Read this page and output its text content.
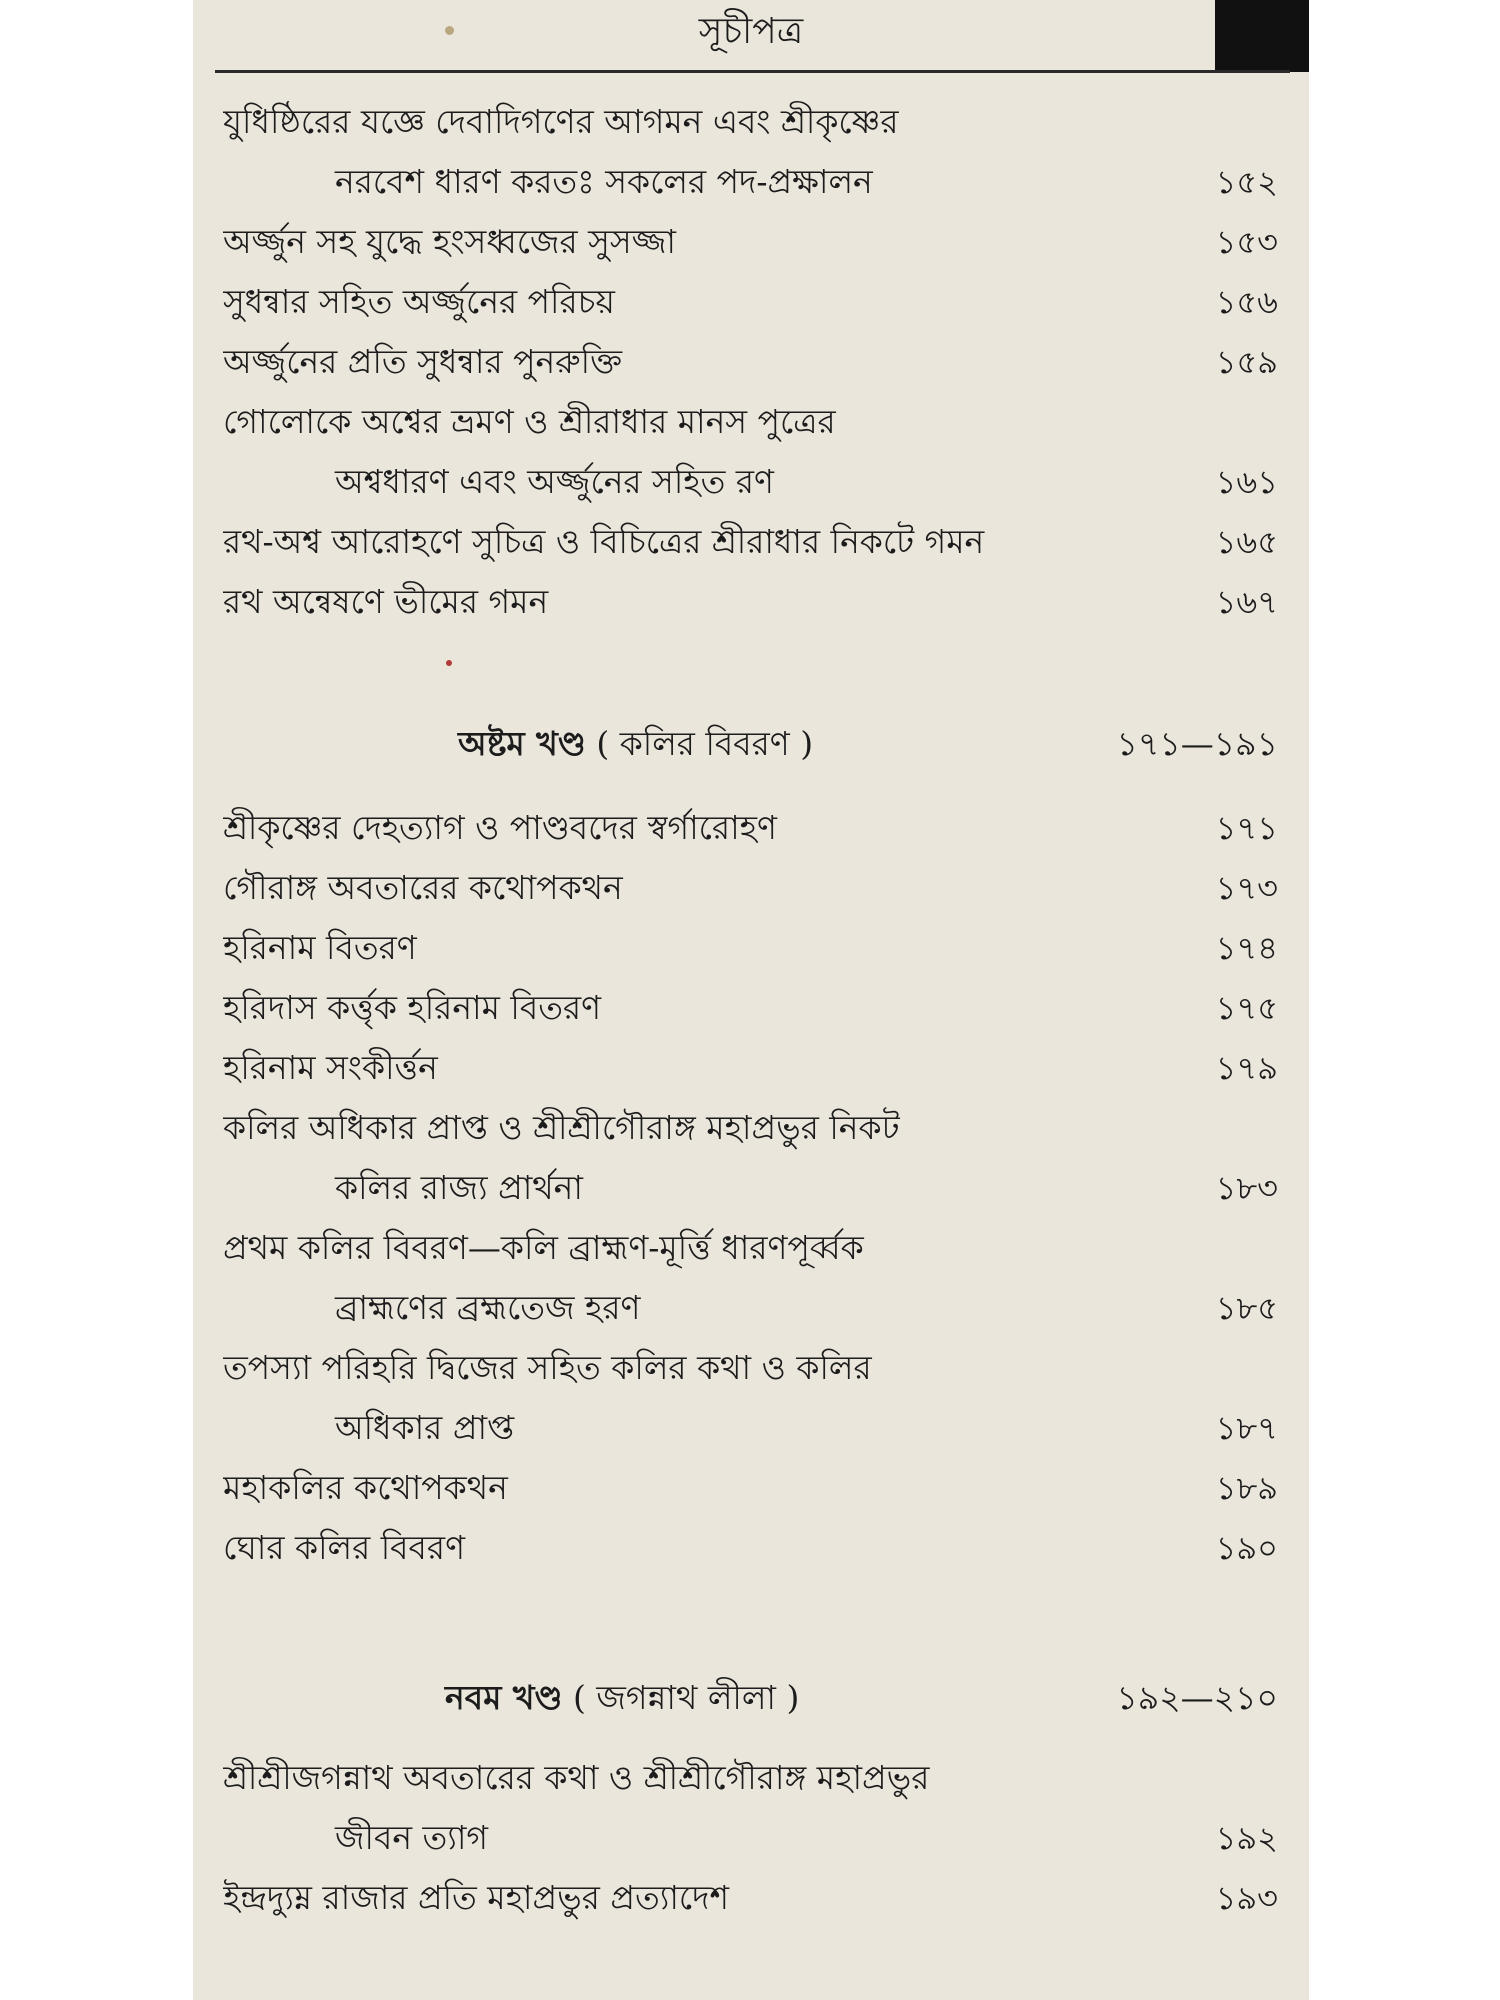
সূচীপত্র
যুধিষ্ঠিরের যজ্ঞে দেবাদিগণের আগমন এবং শ্রীকৃষ্ণের
নরবেশ ধারণ করতঃ সকলের পদ-প্রক্ষালন	১৫২
অর্জ্জুন সহ যুদ্ধে হংসধ্বজের সুসজ্জা	১৫৩
সুধন্বার সহিত অর্জ্জুনের পরিচয়	১৫৬
অর্জ্জুনের প্রতি সুধন্বার পুনরুক্তি	১৫৯
গোলোকে অশ্বের ভ্রমণ ও শ্রীরাধার মানস পুত্রের
অশ্বধারণ এবং অর্জ্জুনের সহিত রণ	১৬১
রথ-অশ্ব আরোহণে সুচিত্র ও বিচিত্রের শ্রীরাধার নিকটে গমন	১৬৫
রথ অন্বেষণে ভীমের গমন	১৬৭
অষ্টম খণ্ড ( কলির বিবরণ )	১৭১—১৯১
শ্রীকৃষ্ণের দেহত্যাগ ও পাণ্ডবদের স্বর্গারোহণ	১৭১
গৌরাঙ্গ অবতারের কথোপকথন	১৭৩
হরিনাম বিতরণ	১৭৪
হরিদাস কর্ত্তৃক হরিনাম বিতরণ	১৭৫
হরিনাম সংকীর্ত্তন	১৭৯
কলির অধিকার প্রাপ্ত ও শ্রীশ্রীগৌরাঙ্গ মহাপ্রভুর নিকট
কলির রাজ্য প্রার্থনা	১৮৩
প্রথম কলির বিবরণ—কলি ব্রাহ্মণ-মূর্ত্তি ধারণপূর্ব্বক
ব্রাহ্মণের ব্রহ্মতেজ হরণ	১৮৫
তপস্যা পরিহরি দ্বিজের সহিত কলির কথা ও কলির
অধিকার প্রাপ্ত	১৮৭
মহাকলির কথোপকথন	১৮৯
ঘোর কলির বিবরণ	১৯০
নবম খণ্ড ( জগন্নাথ লীলা )	১৯২—২১০
শ্রীশ্রীজগন্নাথ অবতারের কথা ও শ্রীশ্রীগৌরাঙ্গ মহাপ্রভুর
জীবন ত্যাগ	১৯২
ইন্দ্রদ্যুম্ন রাজার প্রতি মহাপ্রভুর প্রত্যাদেশ	১৯৩
